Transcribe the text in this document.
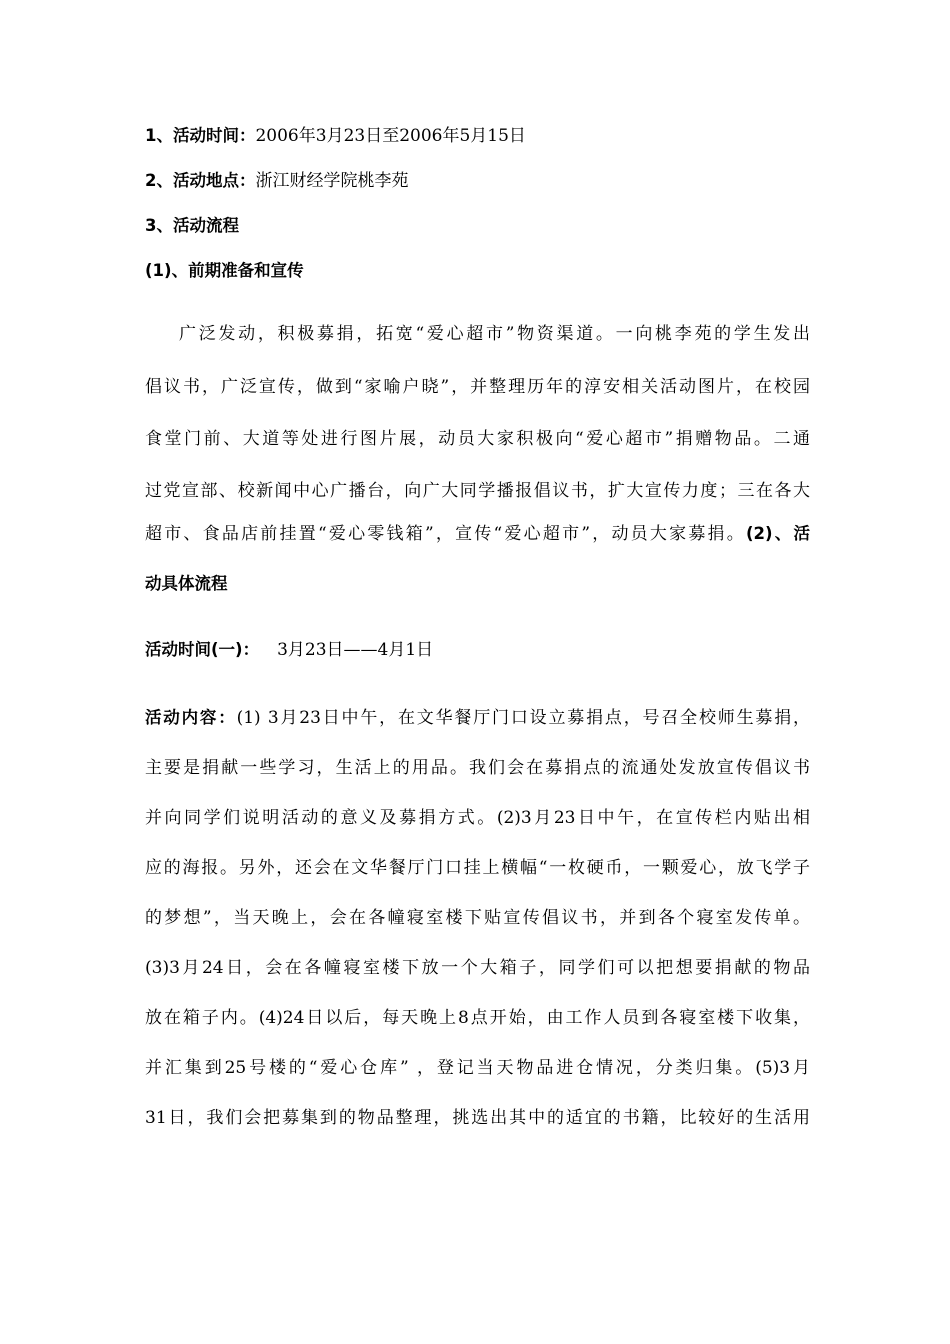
1、活动时间：2006年3月23日至2006年5月15日
2、活动地点：浙江财经学院桃李苑
3、活动流程
(1)、前期准备和宣传
广泛发动，积极募捐，拓宽“爱心超市”物资渠道。一向桃李苑的学生发出
倡议书，广泛宣传，做到“家喻户晓”，并整理历年的淳安相关活动图片，在校园
食堂门前、大道等处进行图片展，动员大家积极向“爱心超市”捐赠物品。二通
过党宣部、校新闻中心广播台，向广大同学播报倡议书，扩大宣传力度；三在各大
超市、食品店前挂置“爱心零钱箱”，宣传“爱心超市”，动员大家募捐。(2)、活
动具体流程
活动时间(一)： 3月23日——4月1日
活动内容：(1) 3月23日中午，在文华餐厅门口设立募捐点，号召全校师生募捐，
主要是捐献一些学习，生活上的用品。我们会在募捐点的流通处发放宣传倡议书
并向同学们说明活动的意义及募捐方式。(2)3月23日中午，在宣传栏内贴出相
应的海报。另外，还会在文华餐厅门口挂上横幅“一枚硬币，一颗爱心，放飞学子
的梦想”，当天晚上，会在各幢寝室楼下贴宣传倡议书，并到各个寝室发传单。
(3)3月24日，会在各幢寝室楼下放一个大箱子，同学们可以把想要捐献的物品
放在箱子内。(4)24日以后，每天晚上8点开始，由工作人员到各寝室楼下收集，
并汇集到25号楼的“爱心仓库” ，登记当天物品进仓情况，分类归集。(5)3月
31日，我们会把募集到的物品整理，挑选出其中的适宜的书籍，比较好的生活用
